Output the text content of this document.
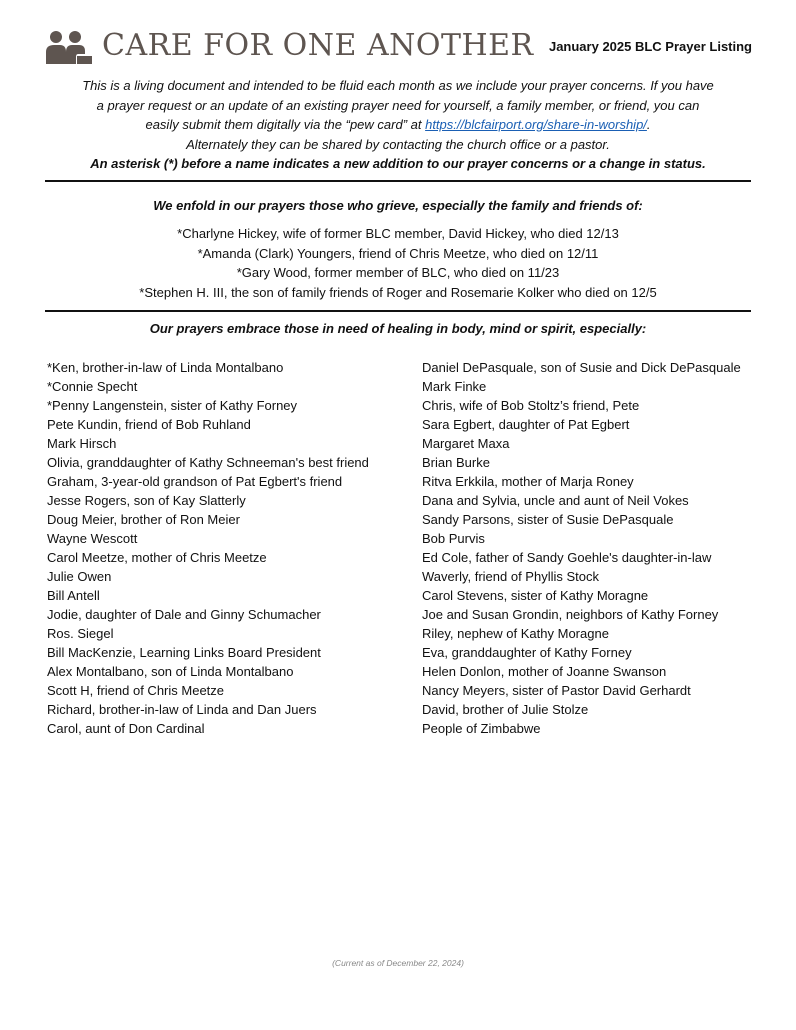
CARE FOR ONE ANOTHER January 2025 BLC Prayer Listing
This is a living document and intended to be fluid each month as we include your prayer concerns. If you have
a prayer request or an update of an existing prayer need for yourself, a family member, or friend, you can
easily submit them digitally via the “pew card” at https://blcfairport.org/share-in-worship/.
Alternately they can be shared by contacting the church office or a pastor.
An asterisk (*) before a name indicates a new addition to our prayer concerns or a change in status.
We enfold in our prayers those who grieve, especially the family and friends of:
*Charlyne Hickey, wife of former BLC member, David Hickey, who died 12/13
*Amanda (Clark) Youngers, friend of Chris Meetze, who died on 12/11
*Gary Wood, former member of BLC, who died on 11/23
*Stephen H. III, the son of family friends of Roger and Rosemarie Kolker who died on 12/5
Our prayers embrace those in need of healing in body, mind or spirit, especially:
*Ken, brother-in-law of Linda Montalbano
*Connie Specht
*Penny Langenstein, sister of Kathy Forney
Pete Kundin, friend of Bob Ruhland
Mark Hirsch
Olivia, granddaughter of Kathy Schneeman's best friend
Graham, 3-year-old grandson of Pat Egbert's friend
Jesse Rogers, son of Kay Slatterly
Doug Meier, brother of Ron Meier
Wayne Wescott
Carol Meetze, mother of Chris Meetze
Julie Owen
Bill Antell
Jodie, daughter of Dale and Ginny Schumacher
Ros. Siegel
Bill MacKenzie, Learning Links Board President
Alex Montalbano, son of Linda Montalbano
Scott H, friend of Chris Meetze
Richard, brother-in-law of Linda and Dan Juers
Carol, aunt of Don Cardinal
Daniel DePasquale, son of Susie and Dick DePasquale
Mark Finke
Chris, wife of Bob Stoltz’s friend, Pete
Sara Egbert, daughter of Pat Egbert
Margaret Maxa
Brian Burke
Ritva Erkkila, mother of Marja Roney
Dana and Sylvia, uncle and aunt of Neil Vokes
Sandy Parsons, sister of Susie DePasquale
Bob Purvis
Ed Cole, father of Sandy Goehle's daughter-in-law
Waverly, friend of Phyllis Stock
Carol Stevens, sister of Kathy Moragne
Joe and Susan Grondin, neighbors of Kathy Forney
Riley, nephew of Kathy Moragne
Eva, granddaughter of Kathy Forney
Helen Donlon, mother of Joanne Swanson
Nancy Meyers, sister of Pastor David Gerhardt
David, brother of Julie Stolze
People of Zimbabwe
(Current as of December 22, 2024)
